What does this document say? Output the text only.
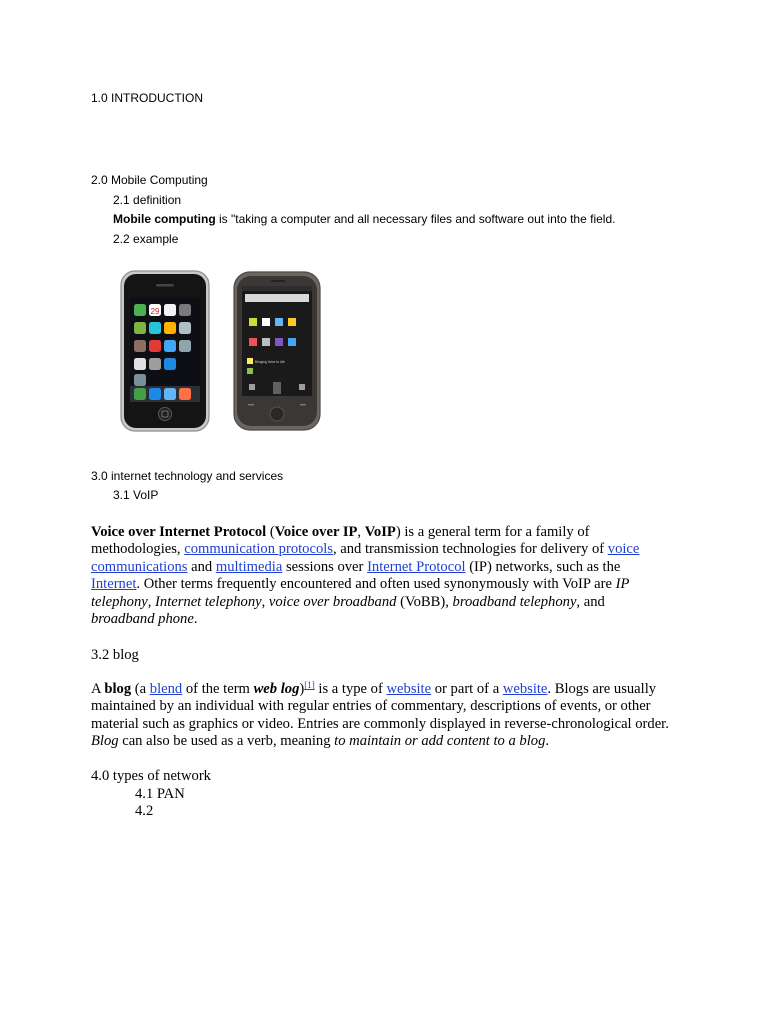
1.0 INTRODUCTION
2.0 Mobile Computing
2.1 definition
Mobile computing is "taking a computer and all necessary files and software out into the field.
2.2 example
29
Bringing Voice to Life
3.0 internet technology and services
3.1 VoIP
Voice over Internet Protocol (Voice over IP, VoIP) is a general term for a family of methodologies, communication protocols, and transmission technologies for delivery of voice communications and multimedia sessions over Internet Protocol (IP) networks, such as the Internet. Other terms frequently encountered and often used synonymously with VoIP are IP telephony, Internet telephony, voice over broadband (VoBB), broadband telephony, and broadband phone.
3.2 blog
A blog (a blend of the term web log)[1] is a type of website or part of a website. Blogs are usually maintained by an individual with regular entries of commentary, descriptions of events, or other material such as graphics or video. Entries are commonly displayed in reverse-chronological order. Blog can also be used as a verb, meaning to maintain or add content to a blog.
4.0 types of network
4.1 PAN
4.2
